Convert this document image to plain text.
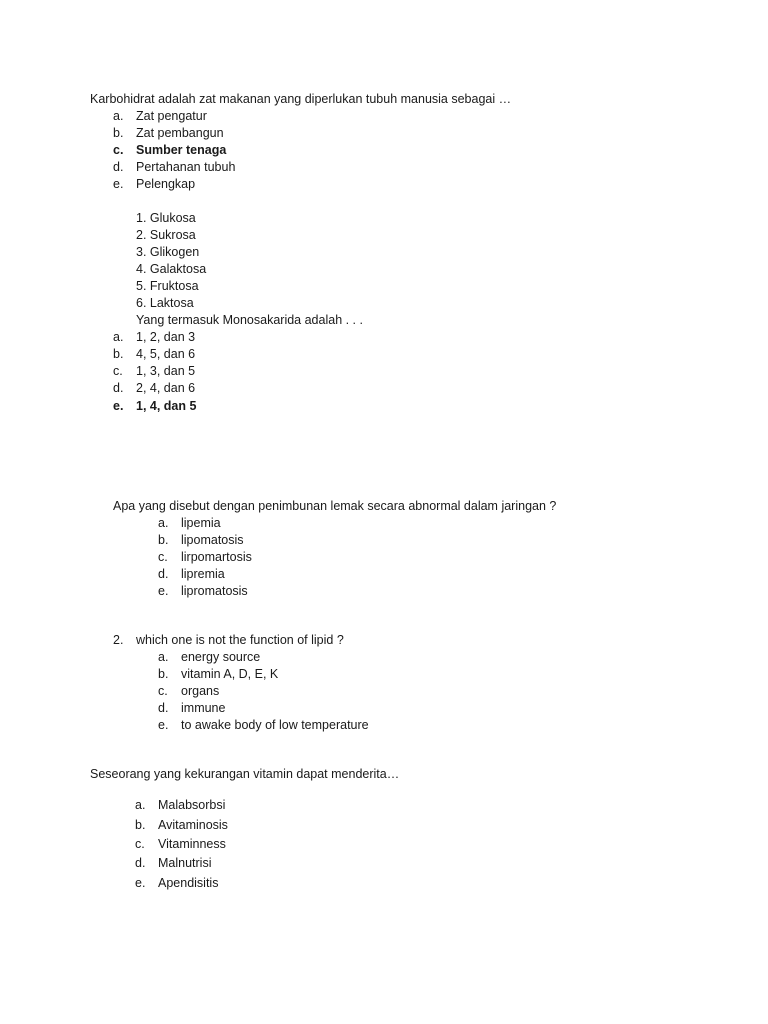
Karbohidrat adalah zat makanan yang diperlukan tubuh manusia sebagai …
a. Zat pengatur
b. Zat pembangun
c. Sumber tenaga
d. Pertahanan tubuh
e. Pelengkap
1. Glukosa
2. Sukrosa
3. Glikogen
4. Galaktosa
5. Fruktosa
6. Laktosa
Yang termasuk Monosakarida adalah . . .
a. 1, 2, dan 3
b. 4, 5, dan 6
c. 1, 3, dan 5
d. 2, 4, dan 6
e. 1, 4, dan 5
Apa yang disebut dengan penimbunan lemak secara abnormal dalam jaringan ?
a. lipemia
b. lipomatosis
c. lirpomartosis
d. lipremia
e. lipromatosis
2. which one is not the function of lipid ?
a. energy source
b. vitamin A, D, E, K
c. organs
d. immune
e. to awake body of low temperature
Seseorang yang kekurangan vitamin dapat menderita…
a. Malabsorbsi
b. Avitaminosis
c. Vitaminness
d. Malnutrisi
e. Apendisitis
